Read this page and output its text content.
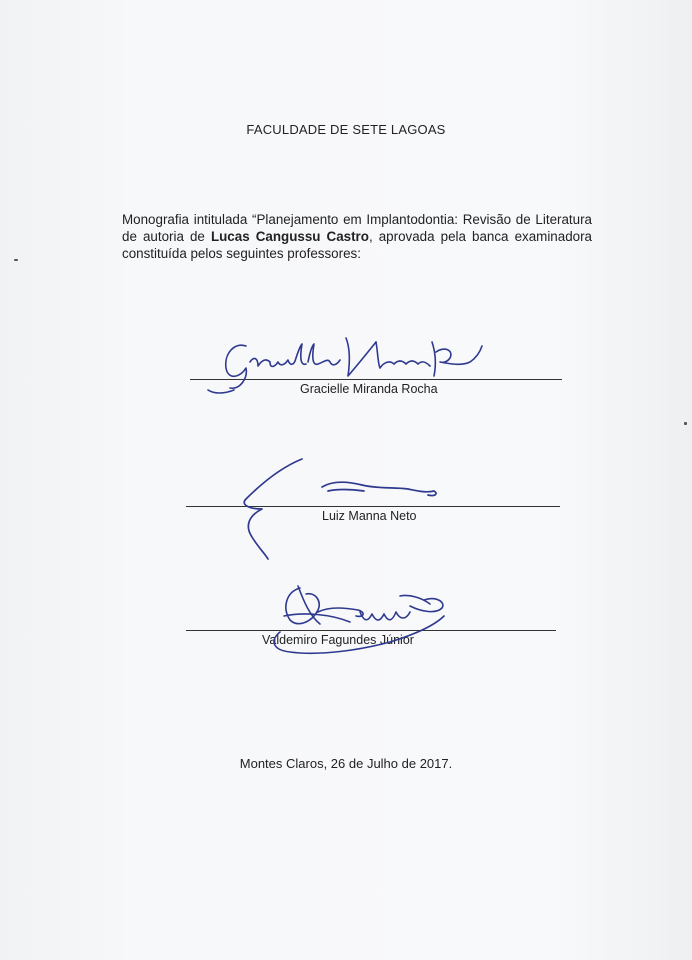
FACULDADE DE SETE LAGOAS
Monografia intitulada “Planejamento em Implantodontia: Revisão de Literatura de autoria de Lucas Cangussu Castro, aprovada pela banca examinadora constituída pelos seguintes professores:
Gracielle Miranda Rocha
Luiz Manna Neto
Valdemiro Fagundes Júnior
Montes Claros, 26 de Julho de 2017.
